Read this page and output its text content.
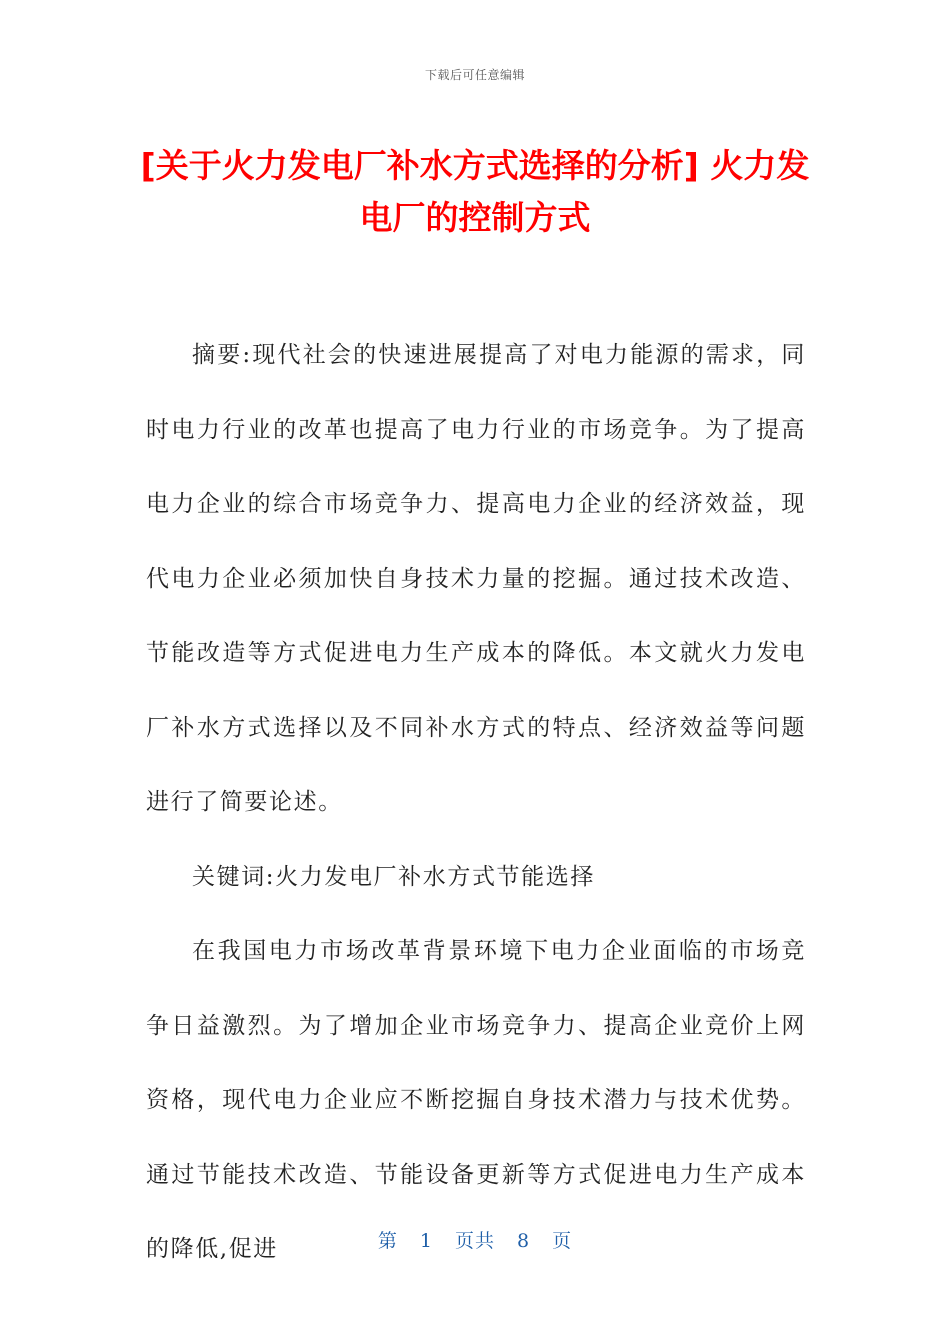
下载后可任意编辑
[关于火力发电厂补水方式选择的分析] 火力发电厂的控制方式

摘要:现代社会的快速进展提高了对电力能源的需求，同时电力行业的改革也提高了电力行业的市场竞争。为了提高电力企业的综合市场竞争力、提高电力企业的经济效益，现代电力企业必须加快自身技术力量的挖掘。通过技术改造、节能改造等方式促进电力生产成本的降低。本文就火力发电厂补水方式选择以及不同补水方式的特点、经济效益等问题进行了简要论述。

关键词:火力发电厂补水方式节能选择

在我国电力市场改革背景环境下电力企业面临的市场竞争日益激烈。为了增加企业市场竞争力、提高企业竞价上网资格，现代电力企业应不断挖掘自身技术潜力与技术优势。通过节能技术改造、节能设备更新等方式促进电力生产成本的降低,促进	第 1 页共 8 页
